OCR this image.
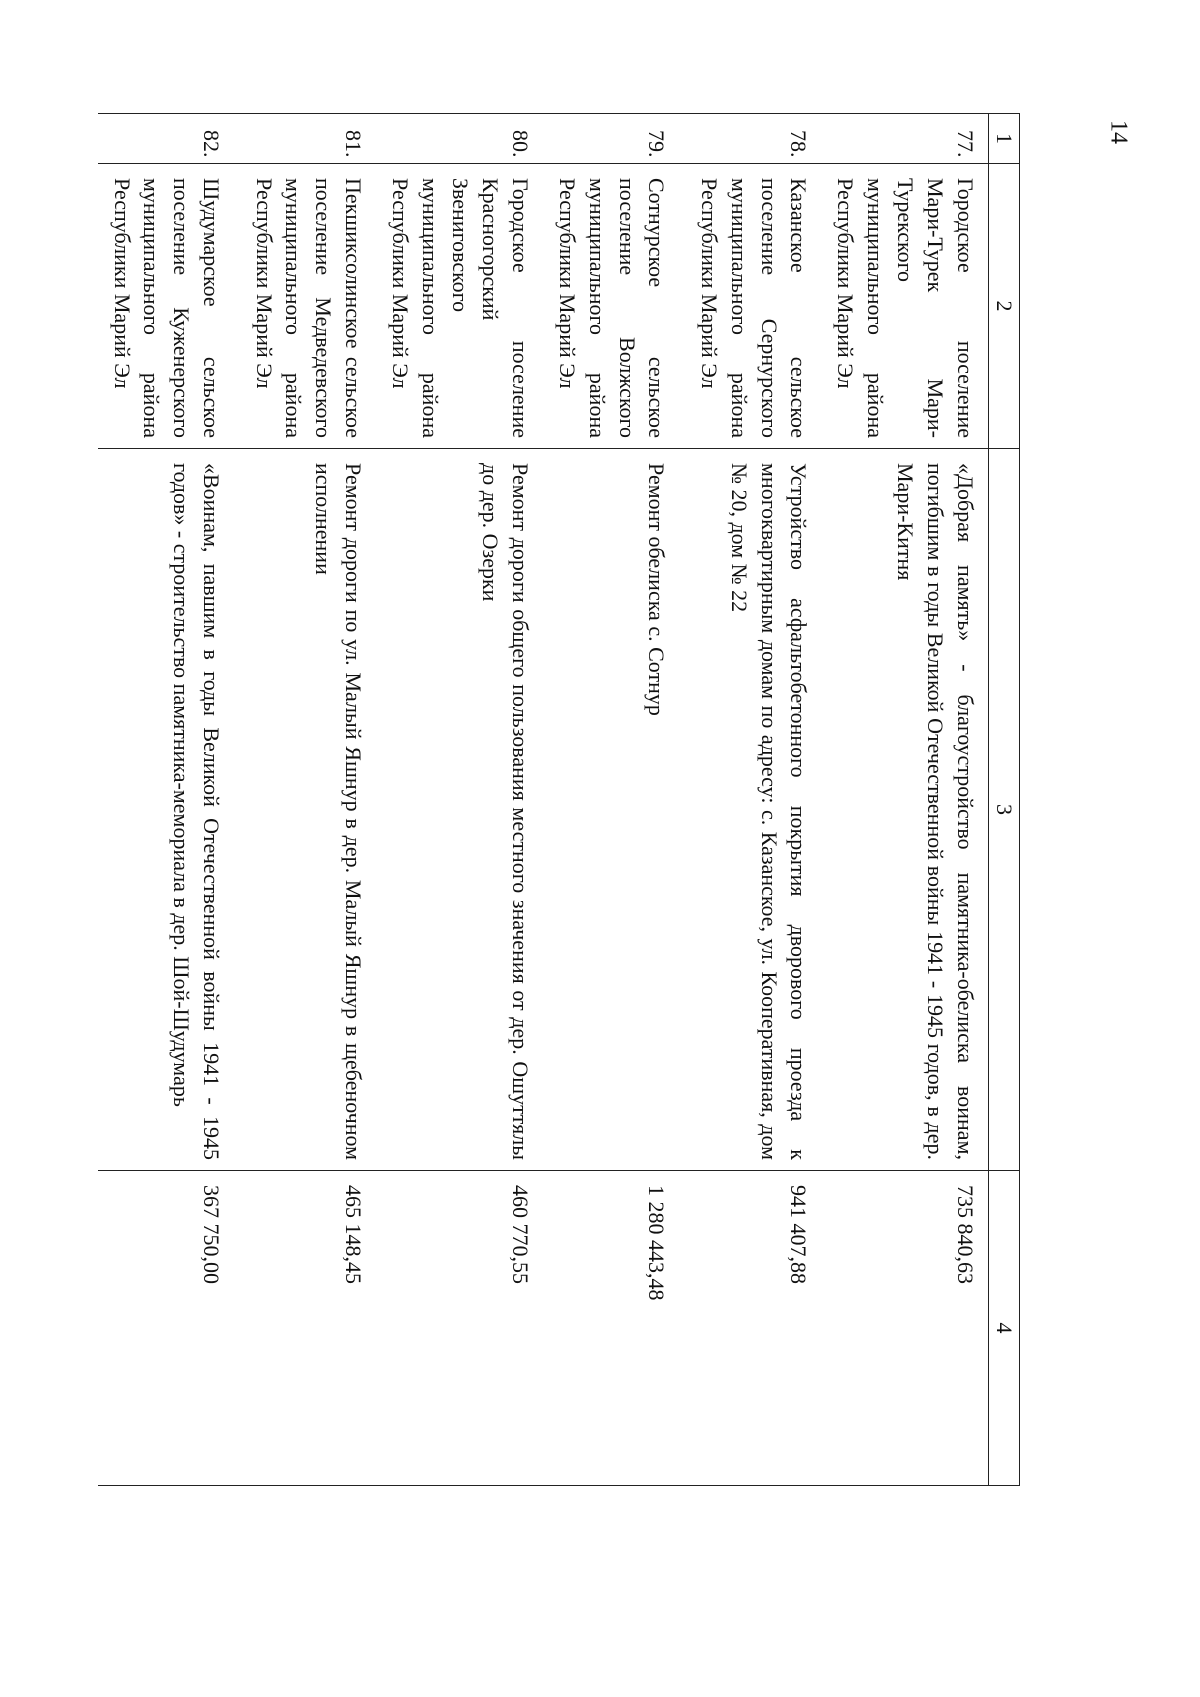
14
1	2	3	4
77.	Городское поселение Мари-Турек Мари-Турекского муниципального района Республики Марий Эл	«Добрая память» - благоустройство памятника-обелиска воинам, погибшим в годы Великой Отечественной войны 1941 - 1945 годов, в дер. Мари-Китня	735 840,63
78.	Казанское сельское поселение Сернурского муниципального района Республики Марий Эл	Устройство асфальтобетонного покрытия дворового проезда к многоквартирным домам по адресу: с. Казанское, ул. Кооперативная, дом № 20, дом № 22	941 407,88
79.	Сотнурское сельское поселение Волжского муниципального района Республики Марий Эл	Ремонт обелиска с. Сотнур	1 280 443,48
80.	Городское поселение Красногорский Звениговского муниципального района Республики Марий Эл	Ремонт дороги общего пользования местного значения от дер. Ошуттялы до дер. Озерки	460 770,55
81.	Пекшиксолинское сельское поселение Медведевского муниципального района Республики Марий Эл	Ремонт дороги по ул. Малый Яшнур в дер. Малый Яшнур в щебеночном исполнении	465 148,45
82.	Шудумарское сельское поселение Куженерского муниципального района Республики Марий Эл	«Воинам, павшим в годы Великой Отечественной войны 1941 - 1945 годов» - строительство памятника-мемориала в дер. Шой-Шудумарь	367 750,00
